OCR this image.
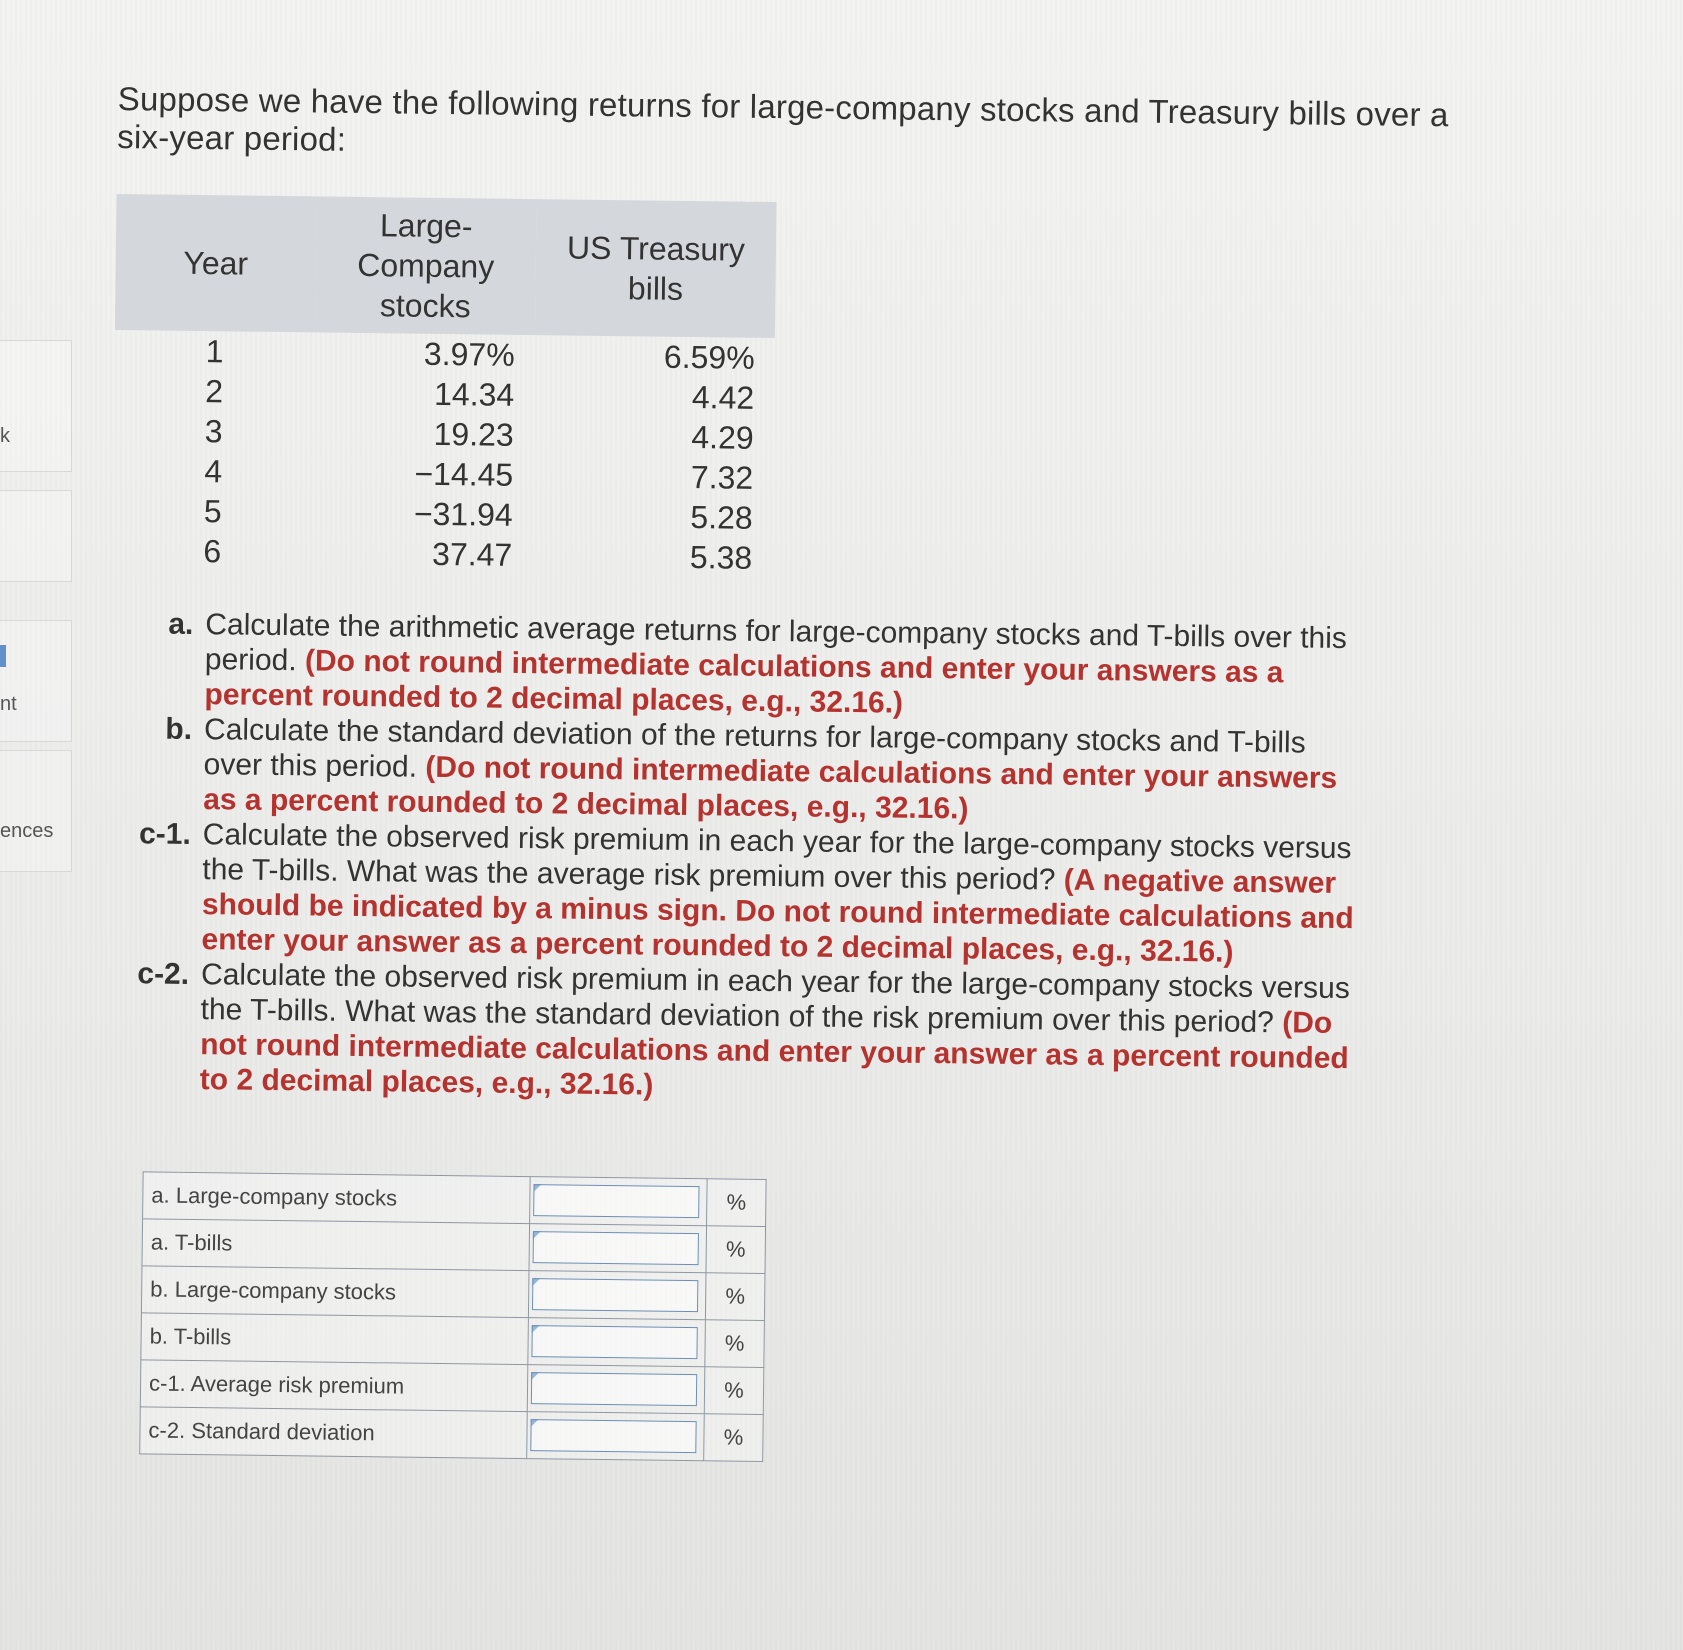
k
nt
ences

Suppose we have the following returns for large-company stocks and Treasury bills over a six-year period:

Year	Large-Company stocks	US Treasury bills
1	3.97%	6.59%
2	14.34	4.42
3	19.23	4.29
4	−14.45	7.32
5	−31.94	5.28
6	37.47	5.38
a. Calculate the arithmetic average returns for large-company stocks and T-bills over this period. (Do not round intermediate calculations and enter your answers as a percent rounded to 2 decimal places, e.g., 32.16.)
b. Calculate the standard deviation of the returns for large-company stocks and T-bills over this period. (Do not round intermediate calculations and enter your answers as a percent rounded to 2 decimal places, e.g., 32.16.)
c-1. Calculate the observed risk premium in each year for the large-company stocks versus the T-bills. What was the average risk premium over this period? (A negative answer should be indicated by a minus sign. Do not round intermediate calculations and enter your answer as a percent rounded to 2 decimal places, e.g., 32.16.)
c-2. Calculate the observed risk premium in each year for the large-company stocks versus the T-bills. What was the standard deviation of the risk premium over this period? (Do not round intermediate calculations and enter your answer as a percent rounded to 2 decimal places, e.g., 32.16.)
a. Large-company stocks		%
a. T-bills		%
b. Large-company stocks		%
b. T-bills		%
c-1. Average risk premium		%
c-2. Standard deviation		%
